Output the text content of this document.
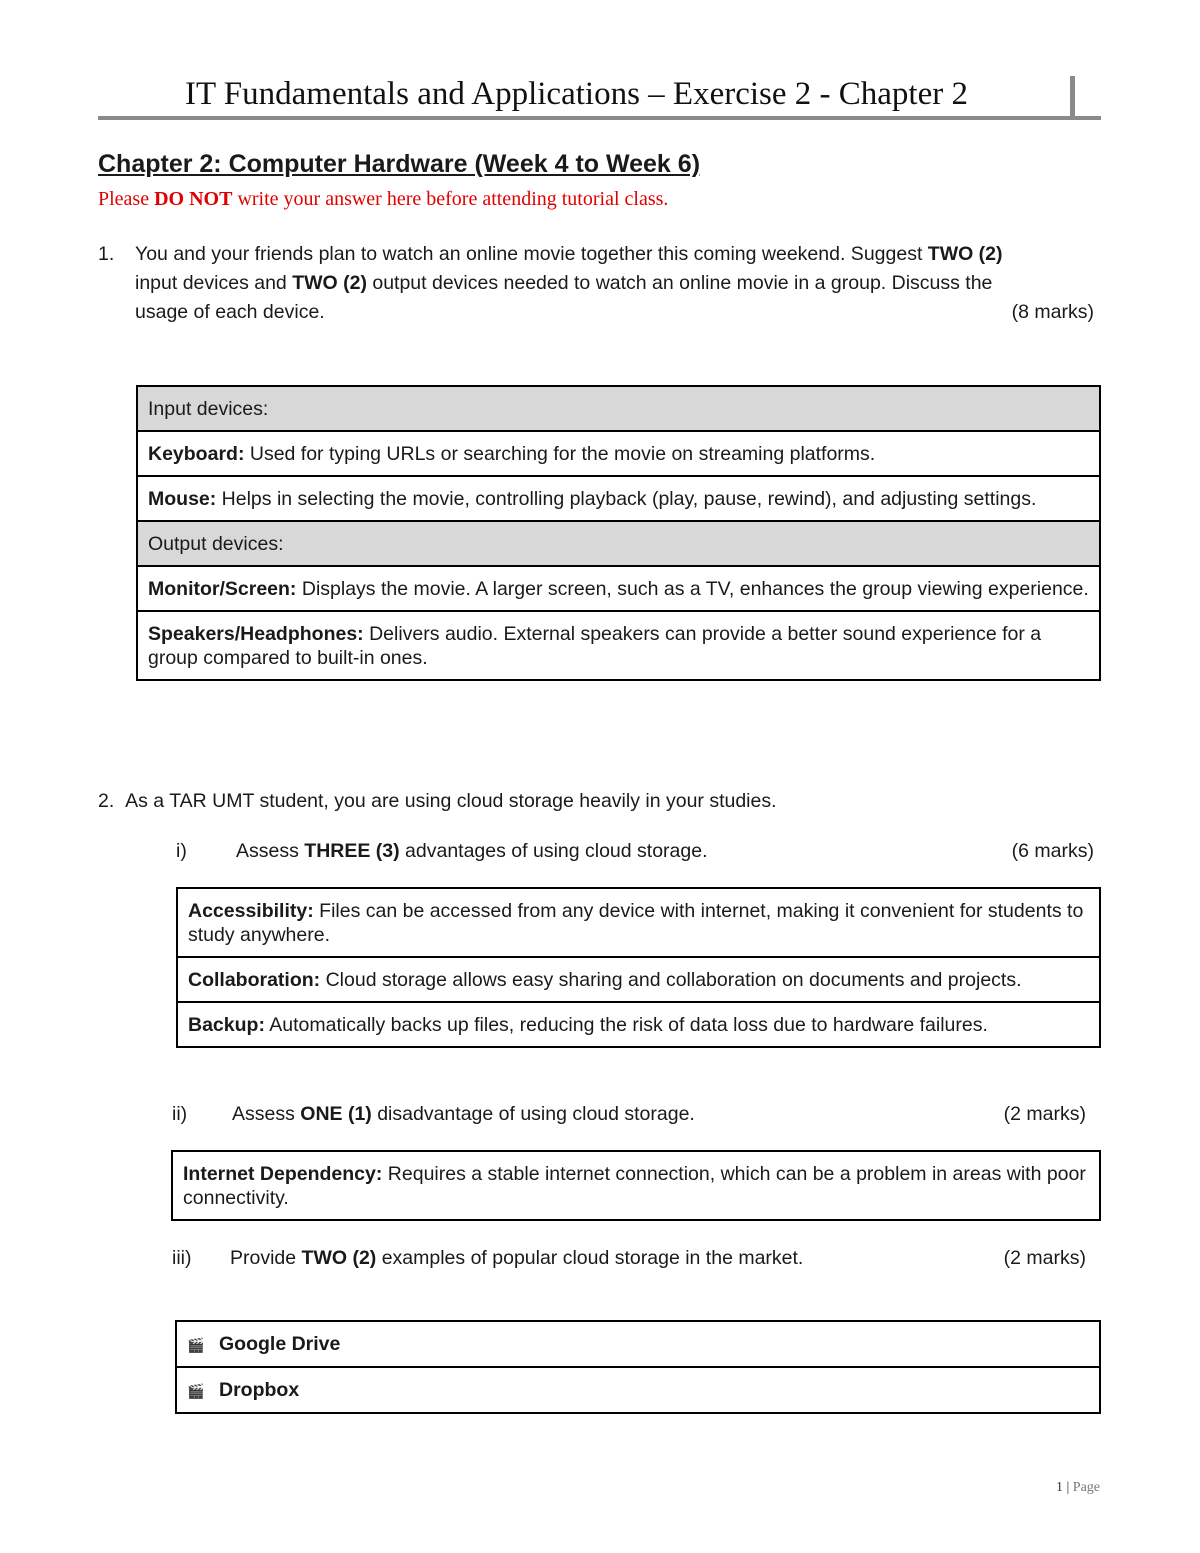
IT Fundamentals and Applications – Exercise 2 - Chapter 2
Chapter 2: Computer Hardware (Week 4 to Week 6)
Please DO NOT write your answer here before attending tutorial class.
1. You and your friends plan to watch an online movie together this coming weekend. Suggest TWO (2)
input devices and TWO (2) output devices needed to watch an online movie in a group. Discuss the
usage of each device.	(8 marks)
Input devices:
Keyboard: Used for typing URLs or searching for the movie on streaming platforms.
Mouse: Helps in selecting the movie, controlling playback (play, pause, rewind), and adjusting settings.
Output devices:
Monitor/Screen: Displays the movie. A larger screen, such as a TV, enhances the group viewing experience.
Speakers/Headphones: Delivers audio. External speakers can provide a better sound experience for a group compared to built-in ones.
2. As a TAR UMT student, you are using cloud storage heavily in your studies.
i)	Assess THREE (3) advantages of using cloud storage.	(6 marks)
Accessibility: Files can be accessed from any device with internet, making it convenient for students to study anywhere.
Collaboration: Cloud storage allows easy sharing and collaboration on documents and projects.
Backup: Automatically backs up files, reducing the risk of data loss due to hardware failures.
ii) Assess ONE (1) disadvantage of using cloud storage.	(2 marks)
Internet Dependency: Requires a stable internet connection, which can be a problem in areas with poor connectivity.
iii) Provide TWO (2) examples of popular cloud storage in the market.	(2 marks)
🎬 Google Drive
🎬 Dropbox
1 | Page
